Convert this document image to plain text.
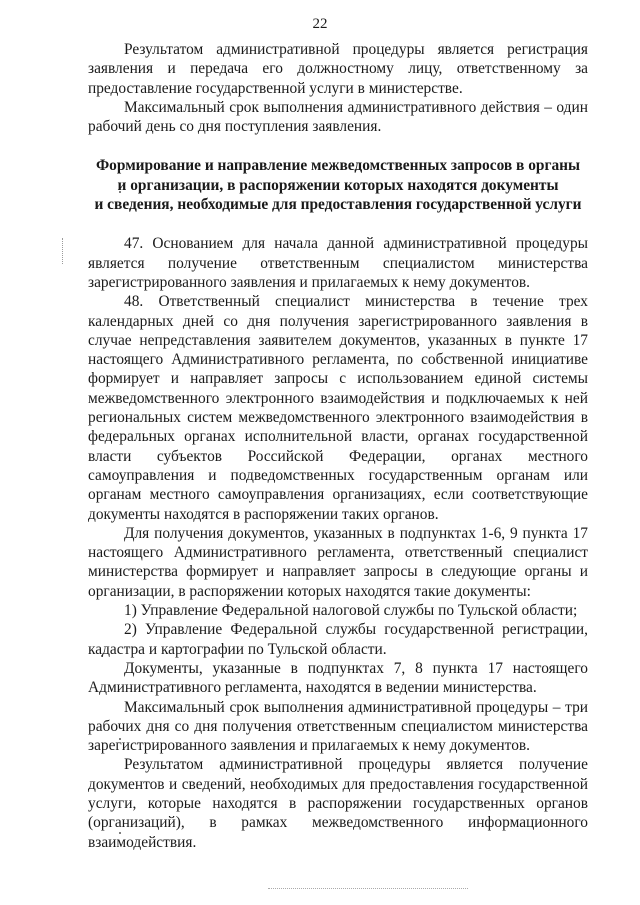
22

Результатом административной процедуры является регистрация заявления и передача его должностному лицу, ответственному за предоставление государственной услуги в министерстве.

Максимальный срок выполнения административного действия – один рабочий день со дня поступления заявления.

Формирование и направление межведомственных запросов в органы
и организации, в распоряжении которых находятся документы
и сведения, необходимые для предоставления государственной услуги

47. Основанием для начала данной административной процедуры является получение ответственным специалистом министерства зарегистрированного заявления и прилагаемых к нему документов.

48. Ответственный специалист министерства в течение трех календарных дней со дня получения зарегистрированного заявления в случае непредставления заявителем документов, указанных в пункте 17 настоящего Административного регламента, по собственной инициативе формирует и направляет запросы с использованием единой системы межведомственного электронного взаимодействия и подключаемых к ней региональных систем межведомственного электронного взаимодействия в федеральных органах исполнительной власти, органах государственной власти субъектов Российской Федерации, органах местного самоуправления и подведомственных государственным органам или органам местного самоуправления организациях, если соответствующие документы находятся в распоряжении таких органов.

Для получения документов, указанных в подпунктах 1-6, 9 пункта 17 настоящего Административного регламента, ответственный специалист министерства формирует и направляет запросы в следующие органы и организации, в распоряжении которых находятся такие документы:

1) Управление Федеральной налоговой службы по Тульской области;

2) Управление Федеральной службы государственной регистрации, кадастра и картографии по Тульской области.

Документы, указанные в подпунктах 7, 8 пункта 17 настоящего Административного регламента, находятся в ведении министерства.

Максимальный срок выполнения административной процедуры – три рабочих дня со дня получения ответственным специалистом министерства зарегистрированного заявления и прилагаемых к нему документов.

Результатом административной процедуры является получение документов и сведений, необходимых для предоставления государственной услуги, которые находятся в распоряжении государственных органов (организаций), в рамках межведомственного информационного взаимодействия.
